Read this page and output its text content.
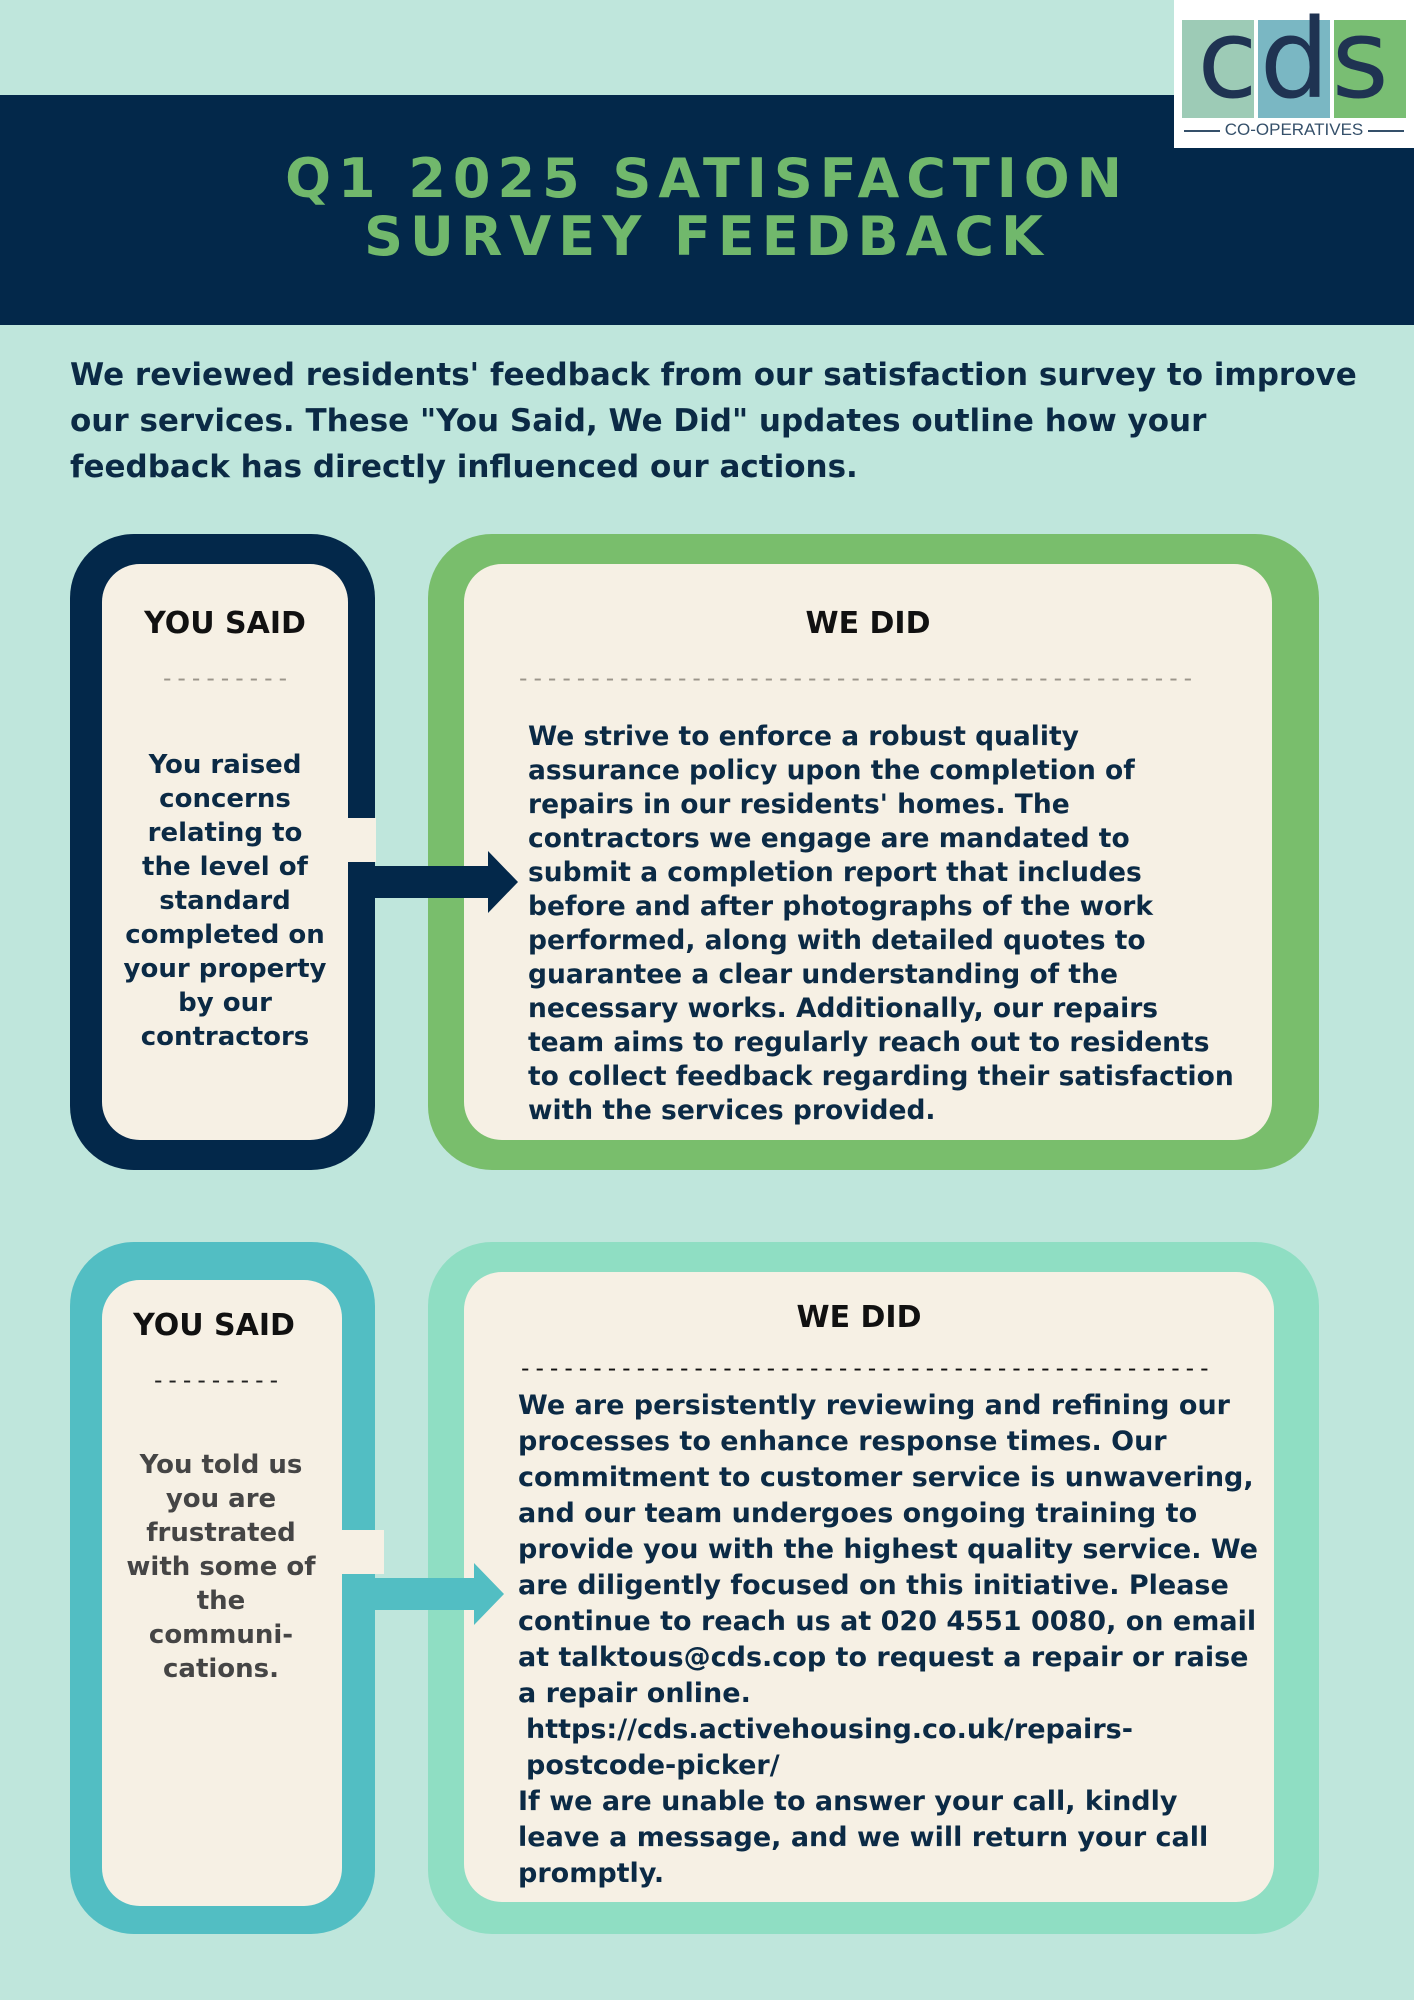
Q1 2025 SATISFACTION
SURVEY FEEDBACK
cds
CO-OPERATIVES
We reviewed residents' feedback from our satisfaction survey to improve our services. These "You Said, We Did" updates outline how your feedback has directly influenced our actions.
YOU SAID
---------
You raised concerns relating to the level of standard completed on your property by our contractors
WE DID
-----------------------------------------------
We strive to enforce a robust quality assurance policy upon the completion of repairs in our residents' homes. The contractors we engage are mandated to submit a completion report that includes before and after photographs of the work performed, along with detailed quotes to guarantee a clear understanding of the necessary works. Additionally, our repairs team aims to regularly reach out to residents to collect feedback regarding their satisfaction with the services provided.
YOU SAID
---------
You told us you are frustrated with some of the communi-cations.
WE DID
------------------------------------------------
We are persistently reviewing and refining our processes to enhance response times. Our commitment to customer service is unwavering, and our team undergoes ongoing training to provide you with the highest quality service. We are diligently focused on this initiative. Please continue to reach us at 020 4551 0080, on email at talktous@cds.cop to request a repair or raise a repair online.
https://cds.activehousing.co.uk/repairs-postcode-picker/
If we are unable to answer your call, kindly leave a message, and we will return your call promptly.
